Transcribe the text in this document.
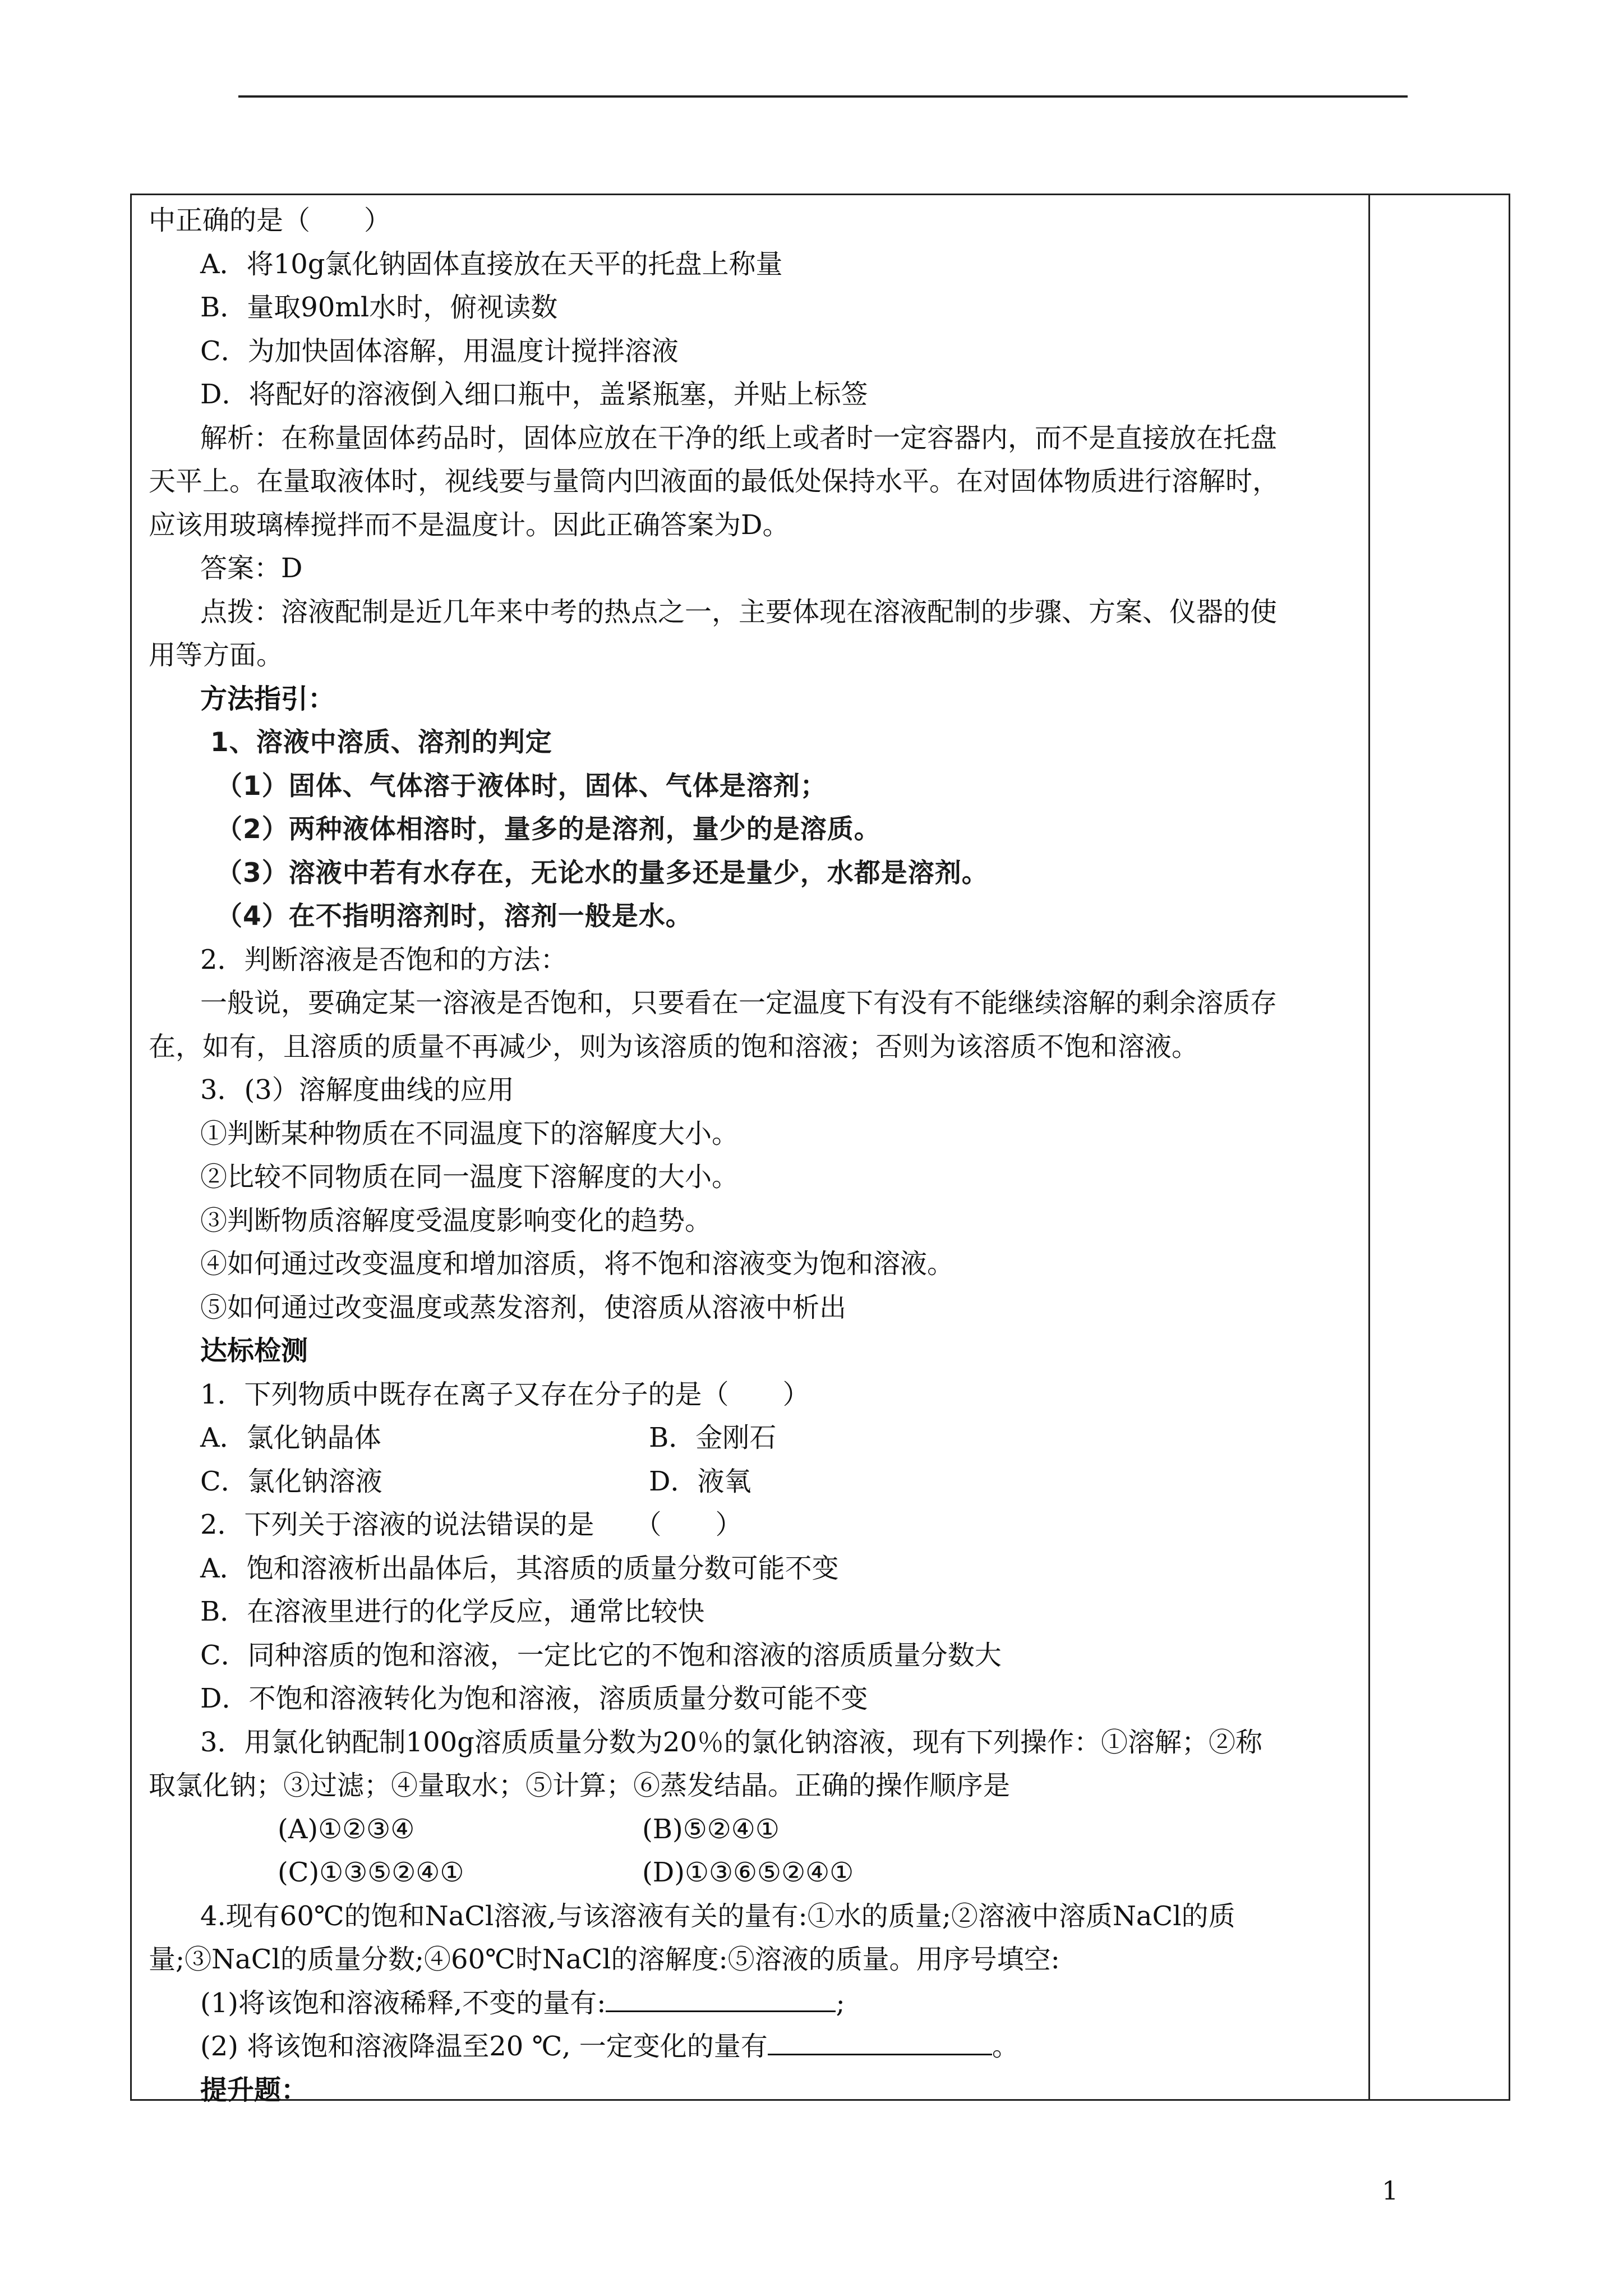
中正确的是（　　）
A．将10g氯化钠固体直接放在天平的托盘上称量
B．量取90ml水时，俯视读数
C．为加快固体溶解，用温度计搅拌溶液
D．将配好的溶液倒入细口瓶中，盖紧瓶塞，并贴上标签
解析：在称量固体药品时，固体应放在干净的纸上或者时一定容器内，而不是直接放在托盘
天平上。在量取液体时，视线要与量筒内凹液面的最低处保持水平。在对固体物质进行溶解时，
应该用玻璃棒搅拌而不是温度计。因此正确答案为D。
答案：D
点拨：溶液配制是近几年来中考的热点之一，主要体现在溶液配制的步骤、方案、仪器的使
用等方面。
方法指引：
1、溶液中溶质、溶剂的判定
（1）固体、气体溶于液体时，固体、气体是溶剂；
（2）两种液体相溶时，量多的是溶剂，量少的是溶质。
（3）溶液中若有水存在，无论水的量多还是量少，水都是溶剂。
（4）在不指明溶剂时，溶剂一般是水。
2．判断溶液是否饱和的方法：
一般说，要确定某一溶液是否饱和，只要看在一定温度下有没有不能继续溶解的剩余溶质存
在，如有，且溶质的质量不再减少，则为该溶质的饱和溶液；否则为该溶质不饱和溶液。
3．(3）溶解度曲线的应用
①判断某种物质在不同温度下的溶解度大小。
②比较不同物质在同一温度下溶解度的大小。
③判断物质溶解度受温度影响变化的趋势。
④如何通过改变温度和增加溶质，将不饱和溶液变为饱和溶液。
⑤如何通过改变温度或蒸发溶剂，使溶质从溶液中析出
达标检测
1．下列物质中既存在离子又存在分子的是（　　）
A．氯化钠晶体	B．金刚石
C．氯化钠溶液	D．液氧
2．下列关于溶液的说法错误的是　　（　　）
A．饱和溶液析出晶体后，其溶质的质量分数可能不变
B．在溶液里进行的化学反应，通常比较快
C．同种溶质的饱和溶液，一定比它的不饱和溶液的溶质质量分数大
D．不饱和溶液转化为饱和溶液，溶质质量分数可能不变
3．用氯化钠配制100g溶质质量分数为20％的氯化钠溶液，现有下列操作：①溶解；②称
取氯化钠；③过滤；④量取水；⑤计算；⑥蒸发结晶。正确的操作顺序是
(A)①②③④	(B)⑤②④①
(C)①③⑤②④①	(D)①③⑥⑤②④①
4.现有60℃的饱和NaCl溶液,与该溶液有关的量有:①水的质量;②溶液中溶质NaCl的质
量;③NaCl的质量分数;④60℃时NaCl的溶解度:⑤溶液的质量。用序号填空:
(1)将该饱和溶液稀释,不变的量有:	;
(2) 将该饱和溶液降温至20 ℃, 一定变化的量有	。
提升题：
1
